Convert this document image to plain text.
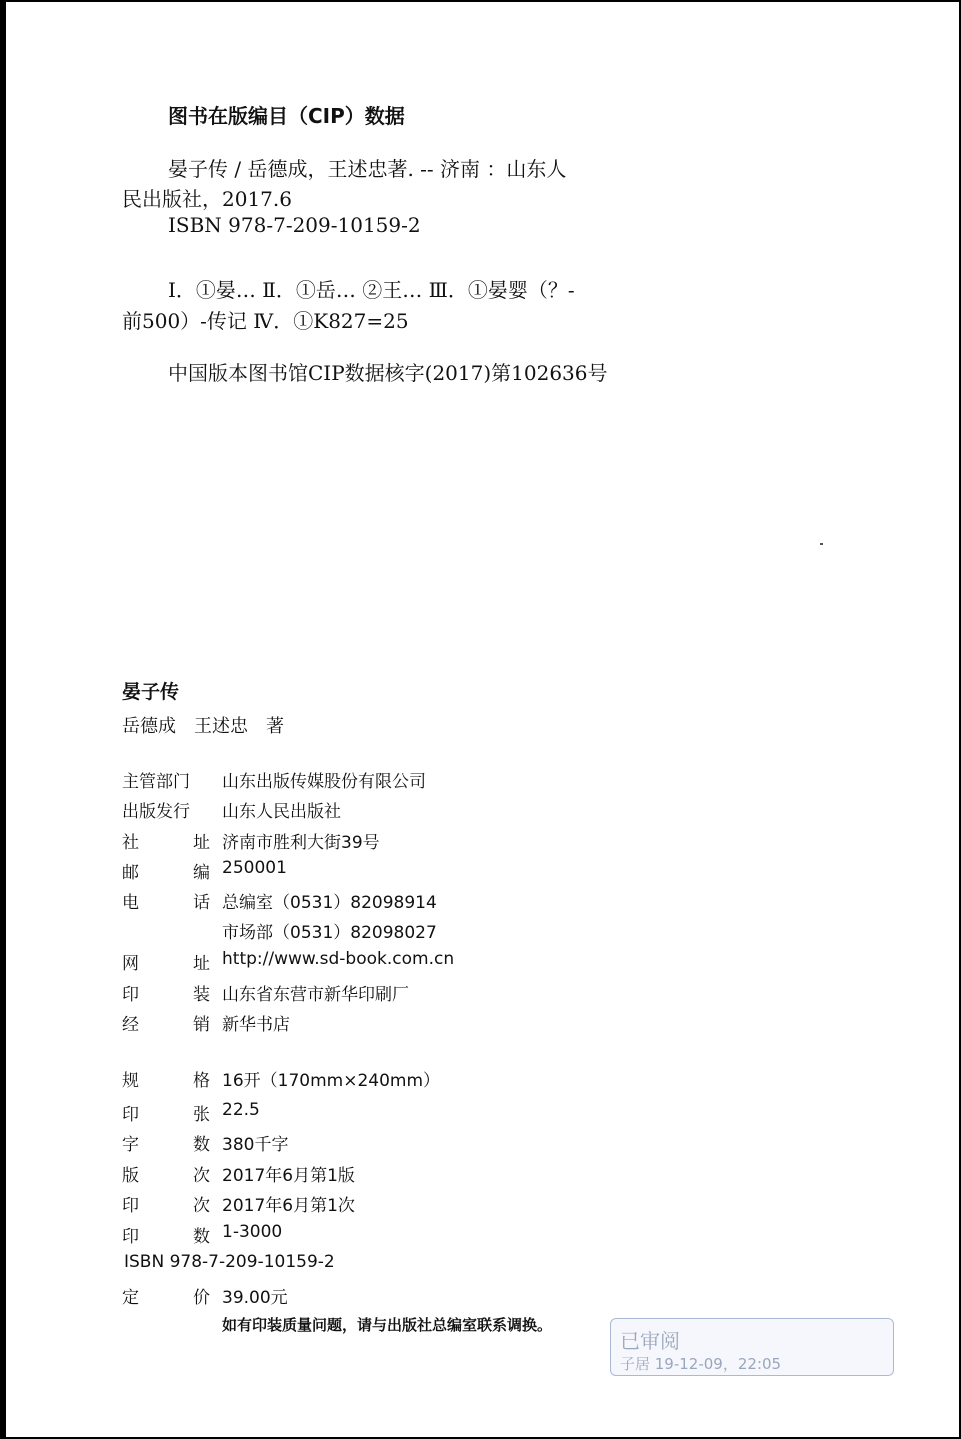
图书在版编目（CIP）数据
晏子传 / 岳德成，王述忠著. -- 济南 ：山东人
民出版社，2017.6
ISBN 978-7-209-10159-2
I．①晏… Ⅱ．①岳… ②王… Ⅲ．①晏婴（？-
前500）-传记 Ⅳ．①K827=25
中国版本图书馆CIP数据核字(2017)第102636号
晏子传
岳德成　王述忠　著
主管部门 山东出版传媒股份有限公司
出版发行 山东人民出版社
社	址 济南市胜利大街39号
邮	编 250001
电	话 总编室（0531）82098914
市场部（0531）82098027
网	址 http://www.sd-book.com.cn
印	装 山东省东营市新华印刷厂
经	销 新华书店
规	格 16开（170mm×240mm）
印	张 22.5
字	数 380千字
版	次 2017年6月第1版
印	次 2017年6月第1次
印	数 1-3000
ISBN 978-7-209-10159-2
定	价 39.00元
如有印装质量问题，请与出版社总编室联系调换。
已审阅
子居 19-12-09，22:05
